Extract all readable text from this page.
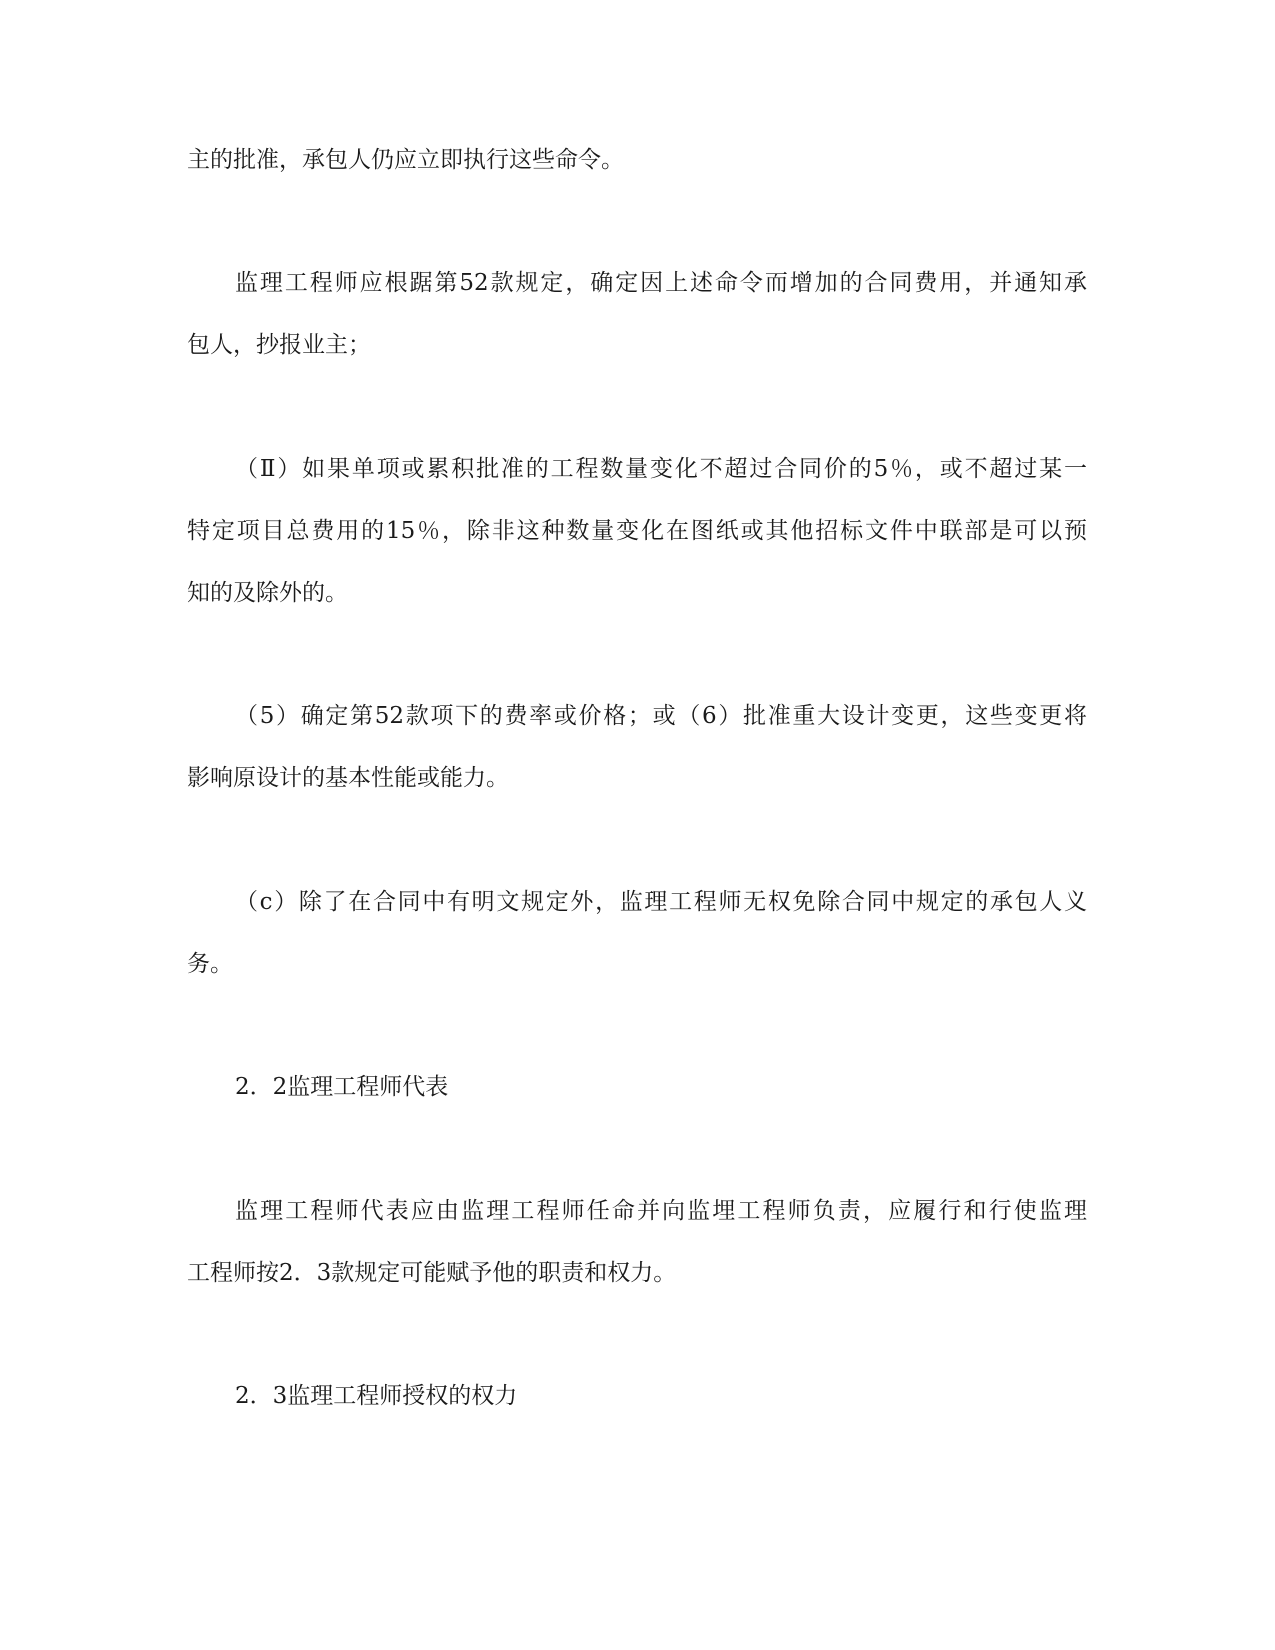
主的批准，承包人仍应立即执行这些命令。
监理工程师应根踞第52款规定，确定因上述命令而增加的合同费用，并通知承
包人，抄报业主；
（Ⅱ）如果单项或累积批准的工程数量变化不超过合同价的5％，或不超过某一
特定项目总费用的15％，除非这种数量变化在图纸或其他招标文件中联部是可以预
知的及除外的。
（5）确定第52款项下的费率或价格；或（6）批准重大设计变更，这些变更将
影响原设计的基本性能或能力。
（c）除了在合同中有明文规定外，监理工程师无权免除合同中规定的承包人义
务。
2．2监理工程师代表
监理工程师代表应由监理工程师任命并向监埋工程师负责，应履行和行使监理
工程师按2．3款规定可能赋予他的职责和权力。
2．3监理工程师授权的权力
